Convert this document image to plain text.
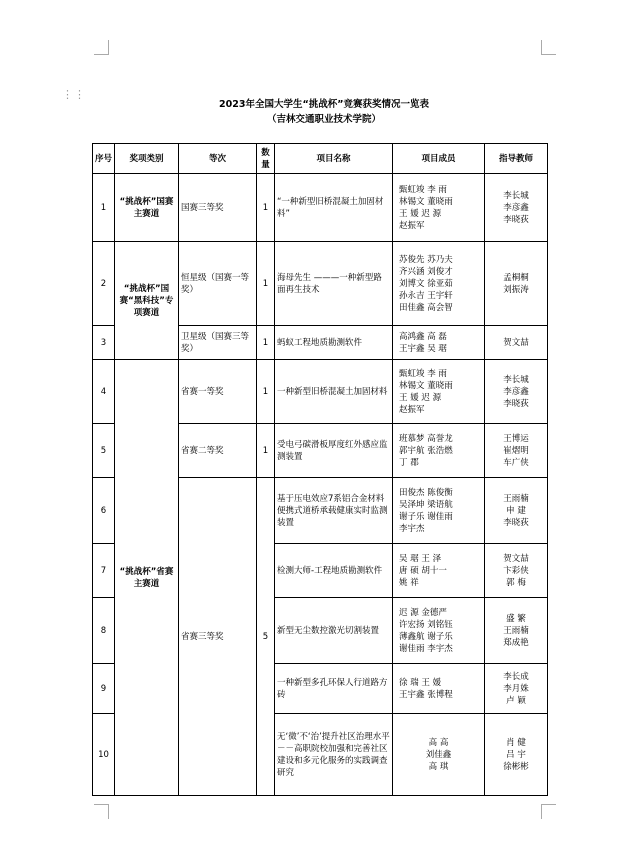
⋮⋮
2023年全国大学生“挑战杯”竞赛获奖情况一览表
（吉林交通职业技术学院）
序号	奖项类别	等次	数量	项目名称	项目成员	指导教师
1	“挑战杯”国赛主赛道	国赛三等奖	1	“一种新型旧桥混凝土加固材料”	甄虹竣 李 雨
林锡文 董晓雨
王 媛 迟 源
赵振军	李长城
李彦鑫
李晓荻

2	“挑战杯”国赛“黑科技”专项赛道	恒星级（国赛一等奖）	1	海母先生 ———一种新型路面再生技术	苏俊先 苏乃夫
齐兴涵 刘俊才
刘博文 徐亚茹
孙永吉 王宇轩
田佳鑫 高会智	孟桐桐
刘振涛

3		卫星级（国赛三等奖）	1	蚂蚁工程地质勘测软件	高鸿鑫 高 磊
王宇鑫 吴 琚	贺文喆

4	“挑战杯”省赛主赛道	省赛一等奖	1	一种新型旧桥混凝土加固材料	甄虹竣 李 雨
林锡文 董晓雨
王 媛 迟 源
赵振军	李长城
李彦鑫
李晓荻

5		省赛二等奖	1	受电弓碳滑板厚度红外感应监测装置	班慕梦 高誉龙
郭宇航 张浩燃
丁 郡	王博运
崔熠明
车广侠

6		省赛三等奖	5	基于压电效应7系铝合金材料便携式道桥承载健康实时监测装置	田俊杰 陈俊衡
吴泽坤 梁语航
谢子乐 谢佳雨
李宇杰	王雨楠
申 建
李晓荻

7				检测大师-工程地质勘测软件	吴 琚 王 泽
唐 硕 胡十一
姚 祥	贺文喆
卞彩侠
郭 梅

8				新型无尘数控激光切割装置	迟 源 金德严
许宏扬 刘铭钰
薄鑫航 谢子乐
谢佳雨 李宇杰	盛 繁
王雨楠
郑成艳

9				一种新型多孔环保人行道路方砖	徐 瑞 王 媛
王宇鑫 张博程	李长成
李月姝
卢 颖

10				无‘微’不‘治’提升社区治理水平－－高职院校加强和完善社区建设和多元化服务的实践调查研究	高 高
刘佳鑫
高 琪	肖 健
吕 宇
徐彬彬
